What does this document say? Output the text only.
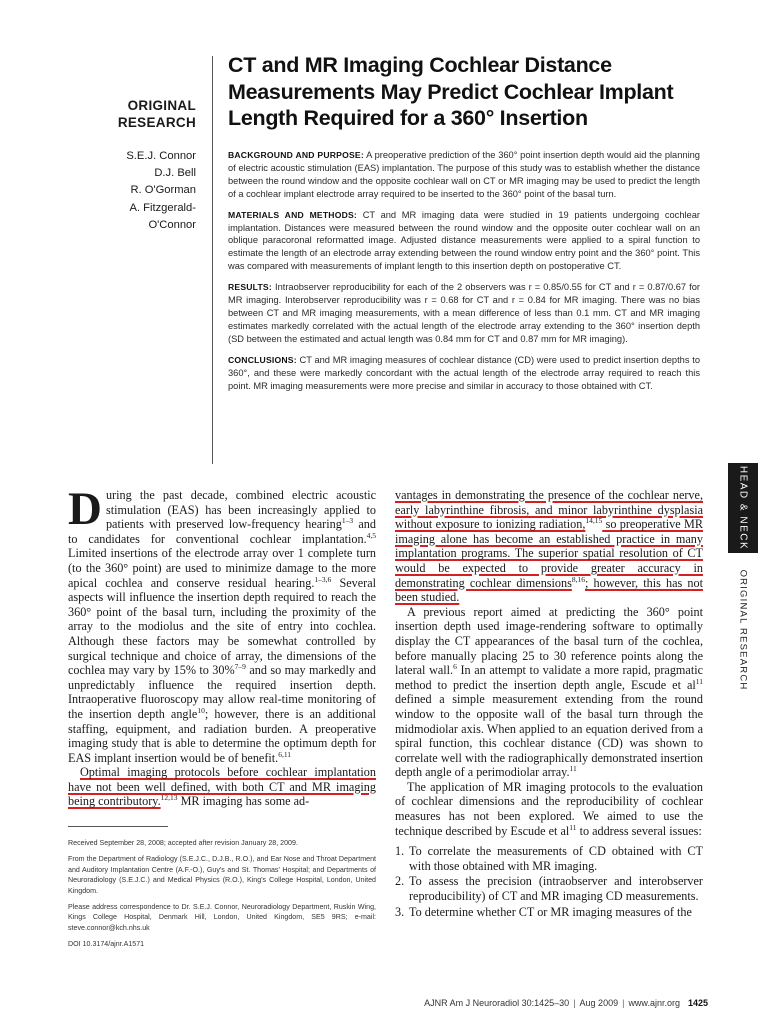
ORIGINAL
RESEARCH
S.E.J. Connor
D.J. Bell
R. O'Gorman
A. Fitzgerald-
O'Connor
CT and MR Imaging Cochlear Distance Measurements May Predict Cochlear Implant Length Required for a 360° Insertion

BACKGROUND AND PURPOSE: A preoperative prediction of the 360° point insertion depth would aid the planning of electric acoustic stimulation (EAS) implantation. The purpose of this study was to establish whether the distance between the round window and the opposite cochlear wall on CT or MR imaging may be used to predict the length of a cochlear implant electrode array required to be inserted to the 360° point of the basal turn.

MATERIALS AND METHODS: CT and MR imaging data were studied in 19 patients undergoing cochlear implantation. Distances were measured between the round window and the opposite outer cochlear wall on an oblique paracoronal reformatted image. Adjusted distance measurements were applied to a spiral function to estimate the length of an electrode array extending between the round window entry point and the 360° point. This was compared with measurements of implant length to this insertion depth on postoperative CT.

RESULTS: Intraobserver reproducibility for each of the 2 observers was r = 0.85/0.55 for CT and r = 0.87/0.67 for MR imaging. Interobserver reproducibility was r = 0.68 for CT and r = 0.84 for MR imaging. There was no bias between CT and MR imaging measurements, with a mean difference of less than 0.1 mm. CT and MR imaging estimates markedly correlated with the actual length of the electrode array extending to the 360° insertion depth (SD between the estimated and actual length was 0.84 mm for CT and 0.87 mm for MR imaging).

CONCLUSIONS: CT and MR imaging measures of cochlear distance (CD) were used to predict insertion depths to 360°, and these were markedly concordant with the actual length of the electrode array required to reach this point. MR imaging measurements were more precise and similar in accuracy to those obtained with CT.

HEAD & NECK
ORIGINAL RESEARCH

During the past decade, combined electric acoustic stimulation (EAS) has been increasingly applied to patients with preserved low-frequency hearing$^{1-3}$ and to candidates for conventional cochlear implantation.$^{4,5}$ Limited insertions of the electrode array over 1 complete turn (to the 360° point) are used to minimize damage to the more apical cochlea and conserve residual hearing.$^{1-3,6}$ Several aspects will influence the insertion depth required to reach the 360° point of the basal turn, including the proximity of the array to the modiolus and the site of entry into cochlea. Although these factors may be somewhat controlled by surgical technique and choice of array, the dimensions of the cochlea may vary by 15% to 30%$^{7-9}$ and so may markedly and unpredictably influence the required insertion depth. Intraoperative fluoroscopy may allow real-time monitoring of the insertion depth angle$^{10}$; however, there is an additional staffing, equipment, and radiation burden. A preoperative imaging study that is able to determine the optimum depth for EAS implant insertion would be of benefit.$^{6,11}$

Optimal imaging protocols before cochlear implantation have not been well defined, with both CT and MR imaging being contributory.$^{12,13}$ MR imaging has some ad-

vantages in demonstrating the presence of the cochlear nerve, early labyrinthine fibrosis, and minor labyrinthine dysplasia without exposure to ionizing radiation,$^{14,15}$ so preoperative MR imaging alone has become an established practice in many implantation programs. The superior spatial resolution of CT would be expected to provide greater accuracy in demonstrating cochlear dimensions$^{8,16}$; however, this has not been studied.

A previous report aimed at predicting the 360° point insertion depth used image-rendering software to optimally display the CT appearances of the basal turn of the cochlea, before manually placing 25 to 30 reference points along the lateral wall.$^6$ In an attempt to validate a more rapid, pragmatic method to predict the insertion depth angle, Escude et $al^{11}$ defined a simple measurement extending from the round window to the opposite wall of the basal turn through the midmodiolar axis. When applied to an equation derived from a spiral function, this cochlear distance (CD) was shown to correlate well with the radiographically demonstrated insertion depth angle of a perimodiolar array.$^{11}$

The application of MR imaging protocols to the evaluation of cochlear dimensions and the reproducibility of cochlear measures has not been explored. We aimed to use the technique described by Escude et $al^{11}$ to address several issues:

1. To correlate the measurements of CD obtained with CT with those obtained with MR imaging.
2. To assess the precision (intraobserver and interobserver reproducibility) of CT and MR imaging CD measurements.
3. To determine whether CT or MR imaging measures of the

Received September 28, 2008; accepted after revision January 28, 2009.

From the Department of Radiology (S.E.J.C., D.J.B., R.O.), and Ear Nose and Throat Department and Auditory Implantation Centre (A.F.-O.), Guy's and St. Thomas' Hospital; and Departments of Neuroradiology (S.E.J.C.) and Medical Physics (R.O.), King's College Hospital, London, United Kingdom.

Please address correspondence to Dr. S.E.J. Connor, Neuroradiology Department, Ruskin Wing, Kings College Hospital, Denmark Hill, London, United Kingdom, SE5 9RS; e-mail: steve.connor@kch.nhs.uk

DOI 10.3174/ajnr.A1571

AJNR Am J Neuroradiol 30:1425–30 | Aug 2009 | www.ajnr.org 1425
